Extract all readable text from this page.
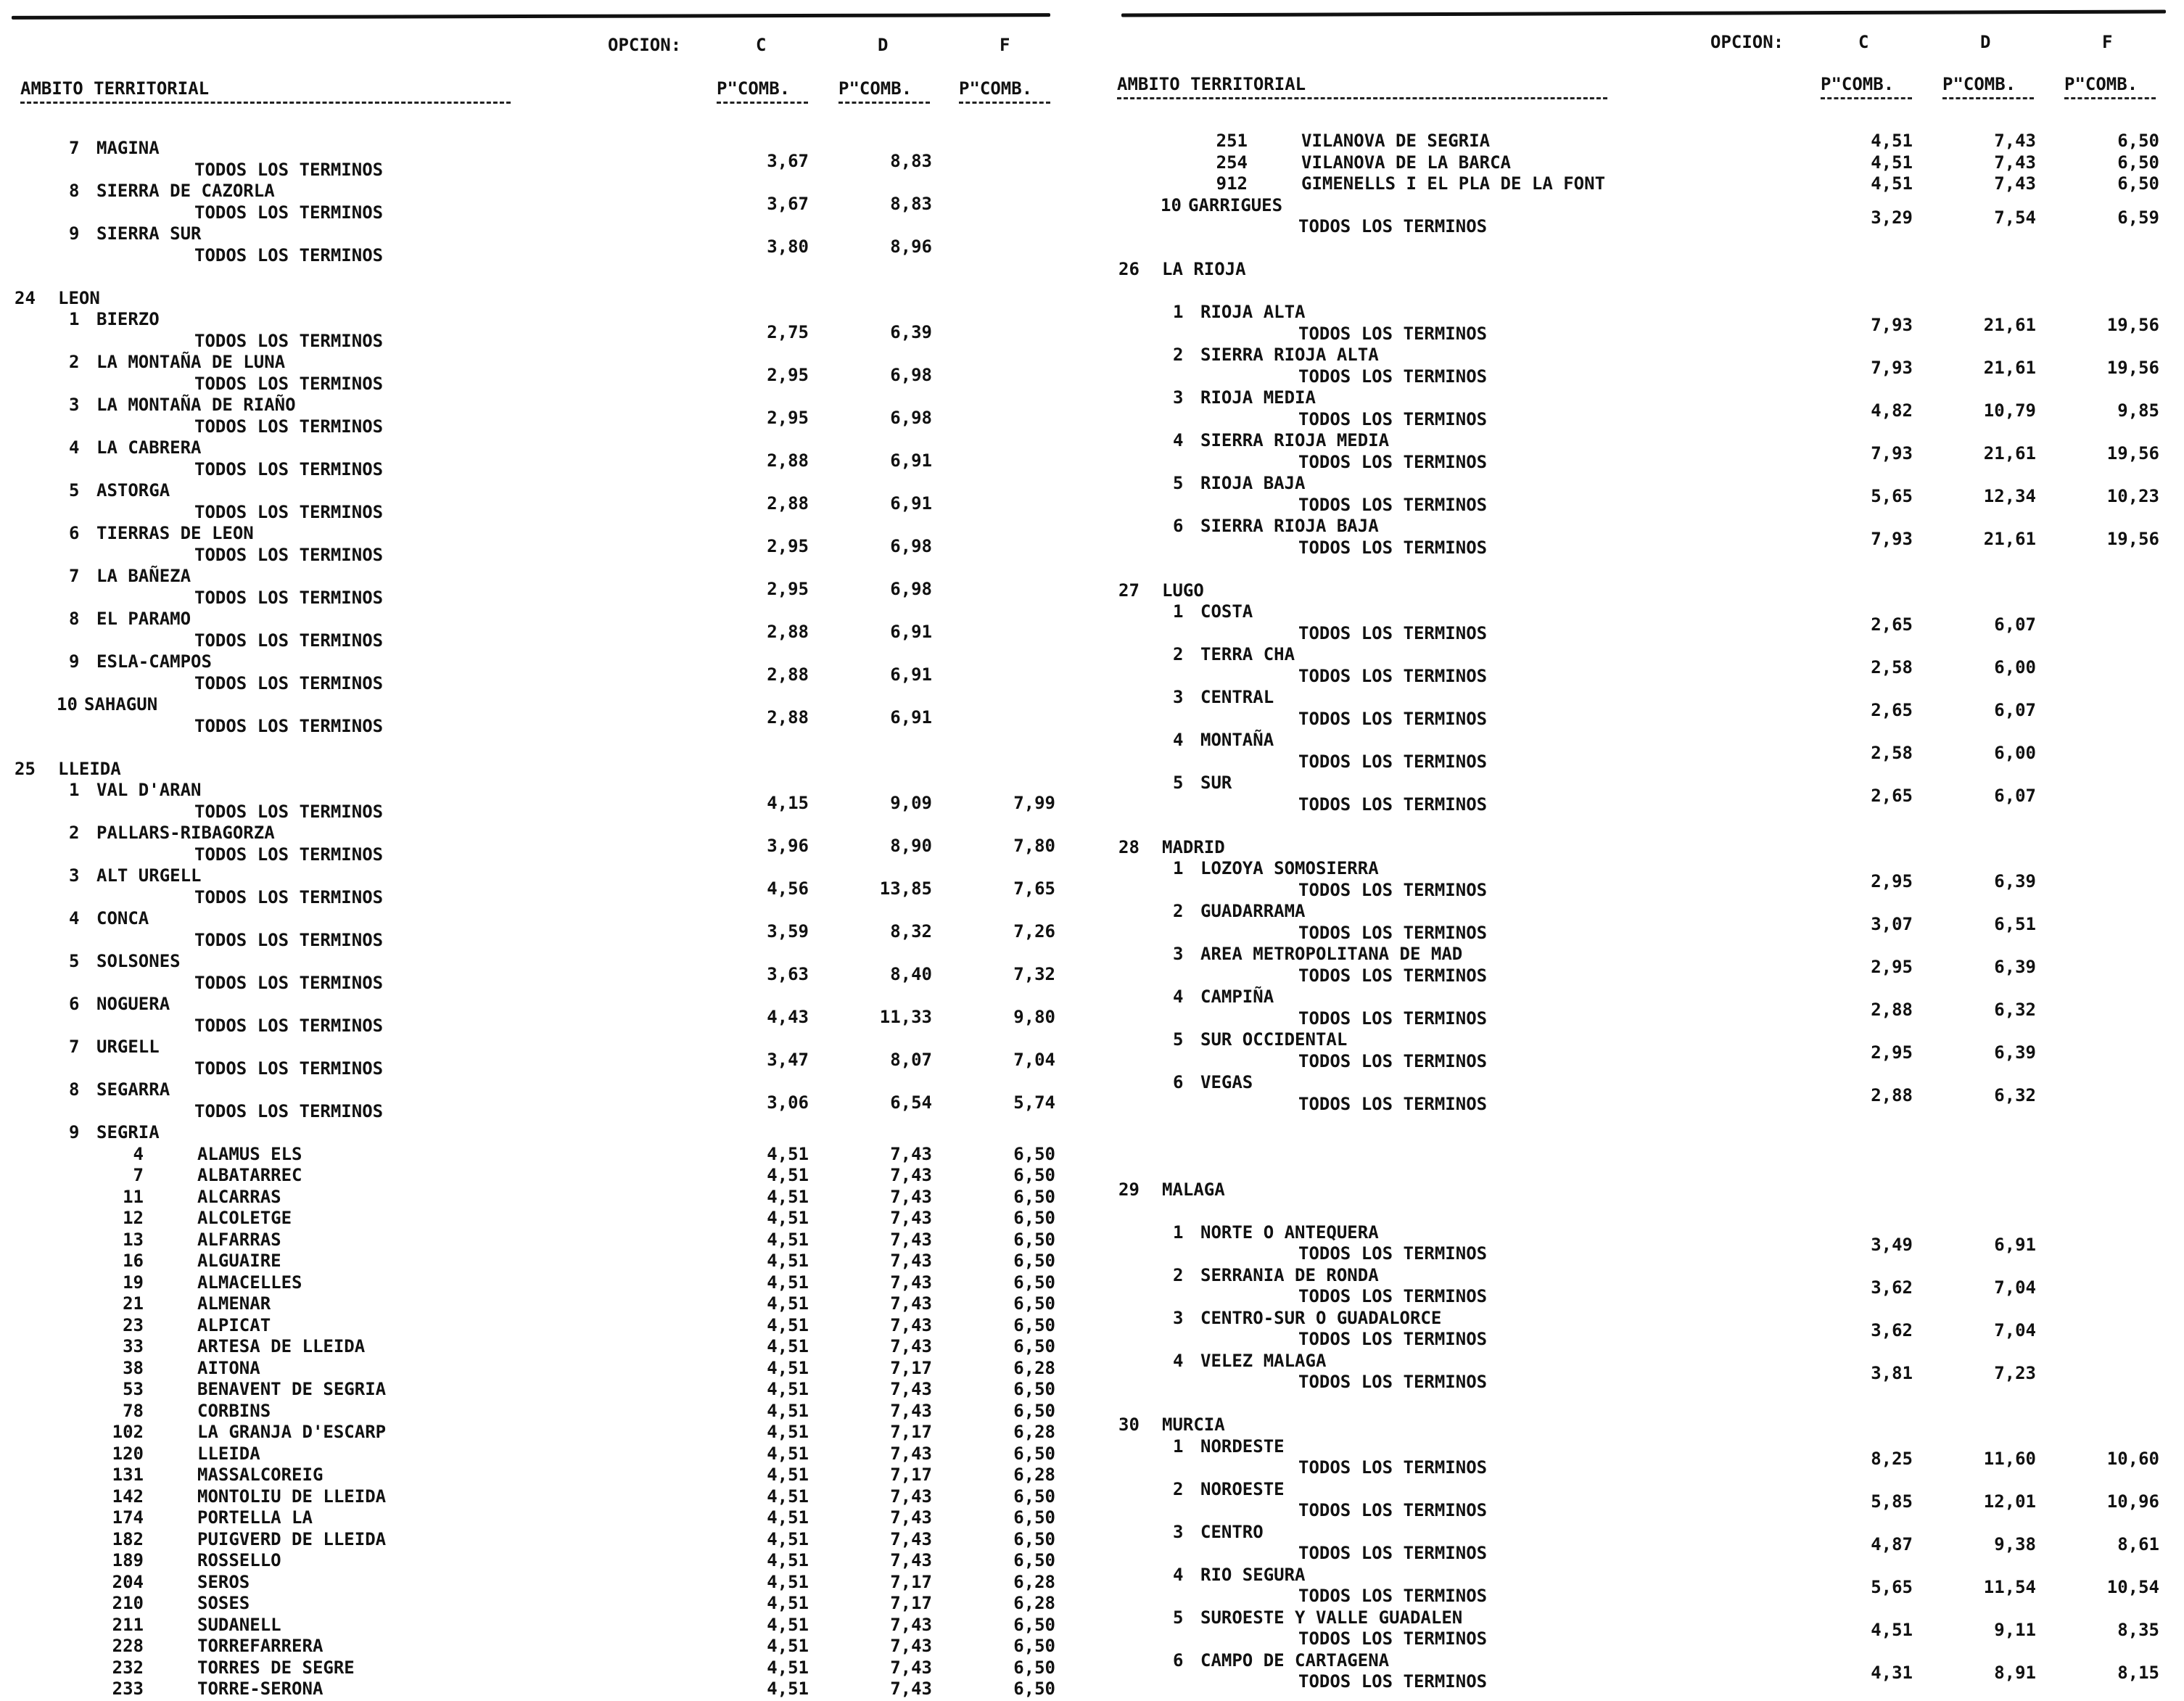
OPCION:	C	D	F
AMBITO TERRITORIAL	P"COMB.	P"COMB.	P"COMB.
7 MAGINA
TODOS LOS TERMINOS	3,67	8,83
8 SIERRA DE CAZORLA
TODOS LOS TERMINOS	3,67	8,83
9 SIERRA SUR
TODOS LOS TERMINOS	3,80	8,96
24 LEON
1 BIERZO
TODOS LOS TERMINOS	2,75	6,39
2 LA MONTAÑA DE LUNA
TODOS LOS TERMINOS	2,95	6,98
3 LA MONTAÑA DE RIAÑO
TODOS LOS TERMINOS	2,95	6,98
4 LA CABRERA
TODOS LOS TERMINOS	2,88	6,91
5 ASTORGA
TODOS LOS TERMINOS	2,88	6,91
6 TIERRAS DE LEON
TODOS LOS TERMINOS	2,95	6,98
7 LA BAÑEZA
TODOS LOS TERMINOS	2,95	6,98
8 EL PARAMO
TODOS LOS TERMINOS	2,88	6,91
9 ESLA-CAMPOS
TODOS LOS TERMINOS	2,88	6,91
10 SAHAGUN
TODOS LOS TERMINOS	2,88	6,91
25 LLEIDA
1 VAL D'ARAN
TODOS LOS TERMINOS	4,15	9,09	7,99
2 PALLARS-RIBAGORZA
TODOS LOS TERMINOS	3,96	8,90	7,80
3 ALT URGELL
TODOS LOS TERMINOS	4,56	13,85	7,65
4 CONCA
TODOS LOS TERMINOS	3,59	8,32	7,26
5 SOLSONES
TODOS LOS TERMINOS	3,63	8,40	7,32
6 NOGUERA
TODOS LOS TERMINOS	4,43	11,33	9,80
7 URGELL
TODOS LOS TERMINOS	3,47	8,07	7,04
8 SEGARRA
TODOS LOS TERMINOS	3,06	6,54	5,74
9 SEGRIA
4	ALAMUS ELS	4,51	7,43	6,50
7	ALBATARREC	4,51	7,43	6,50
11	ALCARRAS	4,51	7,43	6,50
12	ALCOLETGE	4,51	7,43	6,50
13	ALFARRAS	4,51	7,43	6,50
16	ALGUAIRE	4,51	7,43	6,50
19	ALMACELLES	4,51	7,43	6,50
21	ALMENAR	4,51	7,43	6,50
23	ALPICAT	4,51	7,43	6,50
33	ARTESA DE LLEIDA	4,51	7,43	6,50
38	AITONA	4,51	7,17	6,28
53	BENAVENT DE SEGRIA	4,51	7,43	6,50
78	CORBINS	4,51	7,43	6,50
102	LA GRANJA D'ESCARP	4,51	7,17	6,28
120	LLEIDA	4,51	7,43	6,50
131	MASSALCOREIG	4,51	7,17	6,28
142	MONTOLIU DE LLEIDA	4,51	7,43	6,50
174	PORTELLA LA	4,51	7,43	6,50
182	PUIGVERD DE LLEIDA	4,51	7,43	6,50
189	ROSSELLO	4,51	7,43	6,50
204	SEROS	4,51	7,17	6,28
210	SOSES	4,51	7,17	6,28
211	SUDANELL	4,51	7,43	6,50
228	TORREFARRERA	4,51	7,43	6,50
232	TORRES DE SEGRE	4,51	7,43	6,50
233	TORRE-SERONA	4,51	7,43	6,50
OPCION:	C	D	F
AMBITO TERRITORIAL	P"COMB.	P"COMB.	P"COMB.
251	VILANOVA DE SEGRIA	4,51	7,43	6,50
254	VILANOVA DE LA BARCA	4,51	7,43	6,50
912	GIMENELLS I EL PLA DE LA FONT	4,51	7,43	6,50
10 GARRIGUES
TODOS LOS TERMINOS	3,29	7,54	6,59
26 LA RIOJA
1 RIOJA ALTA
TODOS LOS TERMINOS	7,93	21,61	19,56
2 SIERRA RIOJA ALTA
TODOS LOS TERMINOS	7,93	21,61	19,56
3 RIOJA MEDIA
TODOS LOS TERMINOS	4,82	10,79	9,85
4 SIERRA RIOJA MEDIA
TODOS LOS TERMINOS	7,93	21,61	19,56
5 RIOJA BAJA
TODOS LOS TERMINOS	5,65	12,34	10,23
6 SIERRA RIOJA BAJA
TODOS LOS TERMINOS	7,93	21,61	19,56
27 LUGO
1 COSTA
TODOS LOS TERMINOS	2,65	6,07
2 TERRA CHA
TODOS LOS TERMINOS	2,58	6,00
3 CENTRAL
TODOS LOS TERMINOS	2,65	6,07
4 MONTAÑA
TODOS LOS TERMINOS	2,58	6,00
5 SUR
TODOS LOS TERMINOS	2,65	6,07
28 MADRID
1 LOZOYA SOMOSIERRA
TODOS LOS TERMINOS	2,95	6,39
2 GUADARRAMA
TODOS LOS TERMINOS	3,07	6,51
3 AREA METROPOLITANA DE MAD
TODOS LOS TERMINOS	2,95	6,39
4 CAMPIÑA
TODOS LOS TERMINOS	2,88	6,32
5 SUR OCCIDENTAL
TODOS LOS TERMINOS	2,95	6,39
6 VEGAS
TODOS LOS TERMINOS	2,88	6,32
29 MALAGA
1 NORTE O ANTEQUERA
TODOS LOS TERMINOS	3,49	6,91
2 SERRANIA DE RONDA
TODOS LOS TERMINOS	3,62	7,04
3 CENTRO-SUR O GUADALORCE
TODOS LOS TERMINOS	3,62	7,04
4 VELEZ MALAGA
TODOS LOS TERMINOS	3,81	7,23
30 MURCIA
1 NORDESTE
TODOS LOS TERMINOS	8,25	11,60	10,60
2 NOROESTE
TODOS LOS TERMINOS	5,85	12,01	10,96
3 CENTRO
TODOS LOS TERMINOS	4,87	9,38	8,61
4 RIO SEGURA
TODOS LOS TERMINOS	5,65	11,54	10,54
5 SUROESTE Y VALLE GUADALEN
TODOS LOS TERMINOS	4,51	9,11	8,35
6 CAMPO DE CARTAGENA
TODOS LOS TERMINOS	4,31	8,91	8,15
